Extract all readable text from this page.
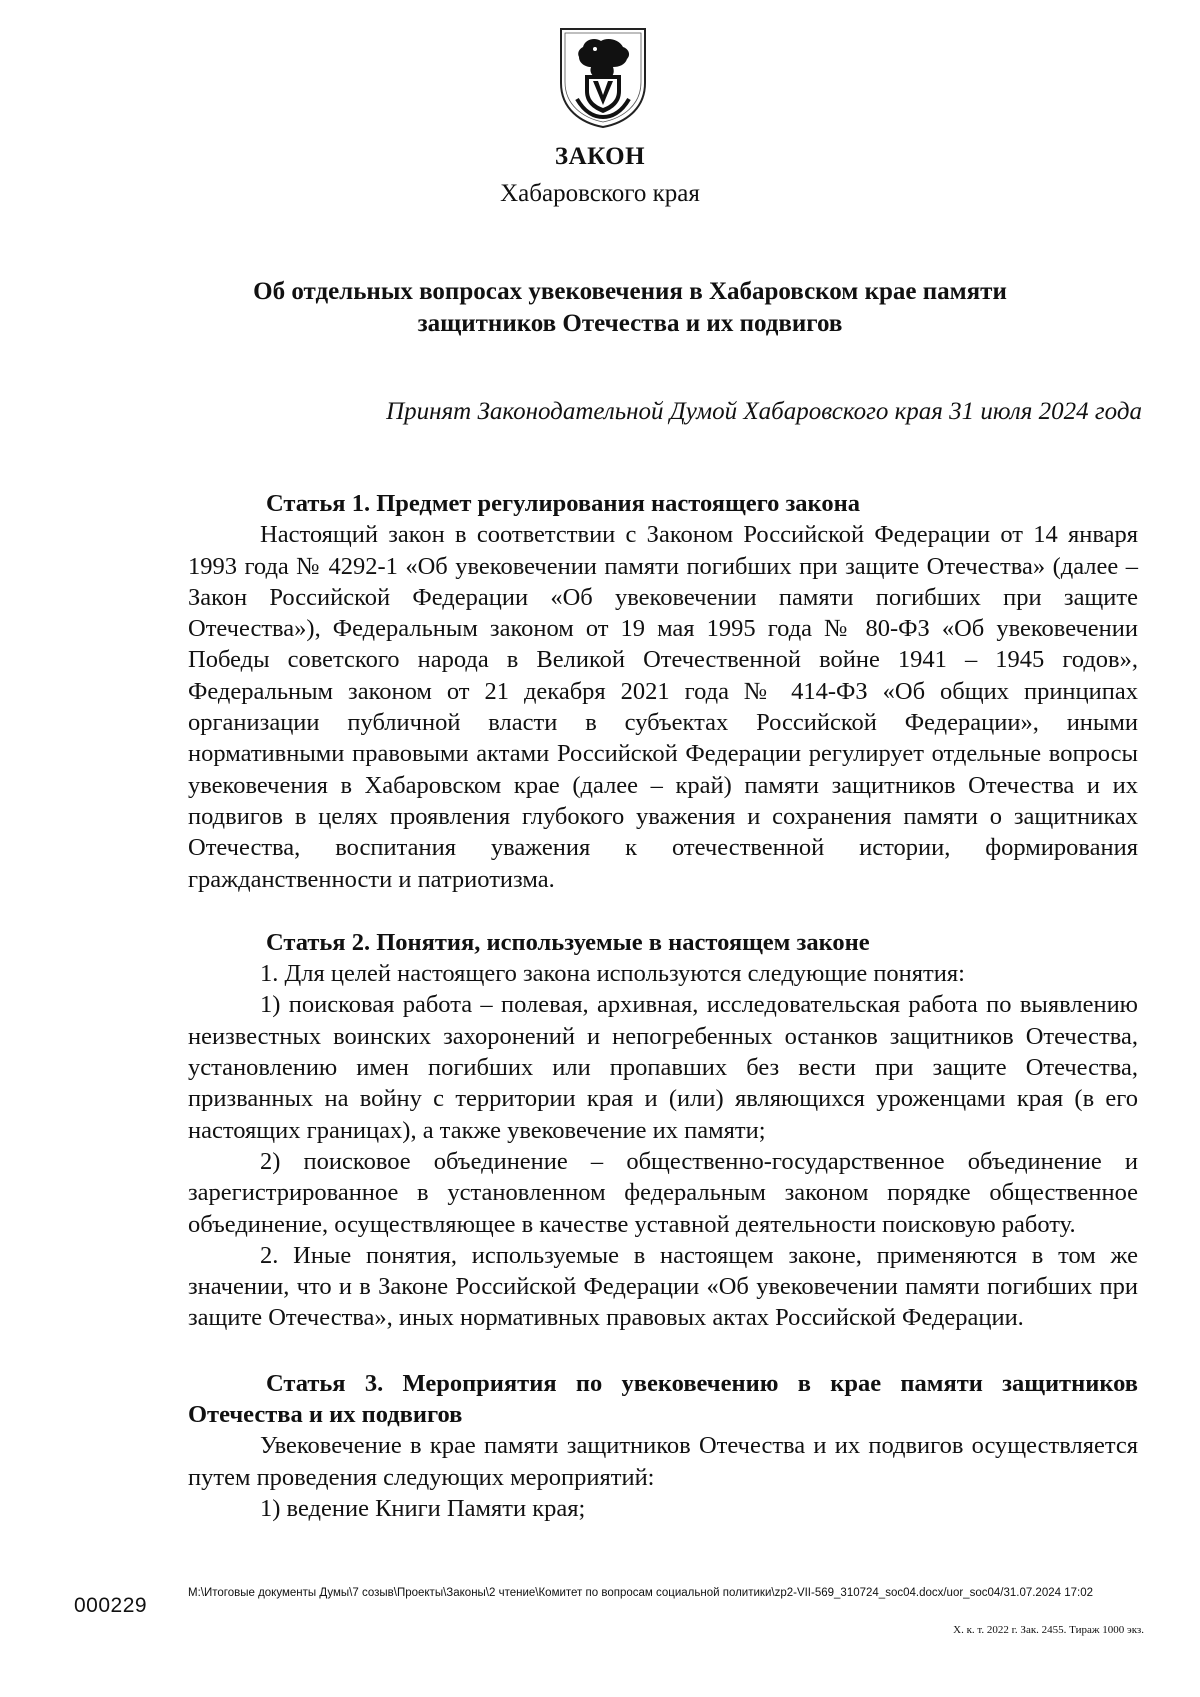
ЗАКОН
Хабаровского края
Об отдельных вопросах увековечения в Хабаровском крае памяти
защитников Отечества и их подвигов
Принят Законодательной Думой Хабаровского края 31 июля 2024 года
Статья 1. Предмет регулирования настоящего закона

Настоящий закон в соответствии с Законом Российской Федерации от 14 января 1993 года № 4292-1 «Об увековечении памяти погибших при защите Отечества» (далее – Закон Российской Федерации «Об увековечении памяти погибших при защите Отечества»), Федеральным законом от 19 мая 1995 года № 80-ФЗ «Об увековечении Победы советского народа в Великой Отечественной войне 1941 – 1945 годов», Федеральным законом от 21 декабря 2021 года № 414-ФЗ «Об общих принципах организации публичной власти в субъектах Российской Федерации», иными нормативными правовыми актами Российской Федерации регулирует отдельные вопросы увековечения в Хабаровском крае (далее – край) памяти защитников Отечества и их подвигов в целях проявления глубокого уважения и сохранения памяти о защитниках Отечества, воспитания уважения к отечественной истории, формирования гражданственности и патриотизма.

Статья 2. Понятия, используемые в настоящем законе

1. Для целей настоящего закона используются следующие понятия:

1) поисковая работа – полевая, архивная, исследовательская работа по выявлению неизвестных воинских захоронений и непогребенных останков защитников Отечества, установлению имен погибших или пропавших без вести при защите Отечества, призванных на войну с территории края и (или) являющихся уроженцами края (в его настоящих границах), а также увековечение их памяти;

2) поисковое объединение – общественно-государственное объединение и зарегистрированное в установленном федеральным законом порядке общественное объединение, осуществляющее в качестве уставной деятельности поисковую работу.

2. Иные понятия, используемые в настоящем законе, применяются в том же значении, что и в Законе Российской Федерации «Об увековечении памяти погибших при защите Отечества», иных нормативных правовых актах Российской Федерации.

Статья 3. Мероприятия по увековечению в крае памяти защитников Отечества и их подвигов

Увековечение в крае памяти защитников Отечества и их подвигов осуществляется путем проведения следующих мероприятий:

1) ведение Книги Памяти края;

000229
M:\Итоговые документы Думы\7 созыв\Проекты\Законы\2 чтение\Комитет по вопросам социальной политики\zp2-VII-569_310724_soc04.docx/uor_soc04/31.07.2024 17:02
Х. к. т. 2022 г. Зак. 2455. Тираж 1000 экз.
